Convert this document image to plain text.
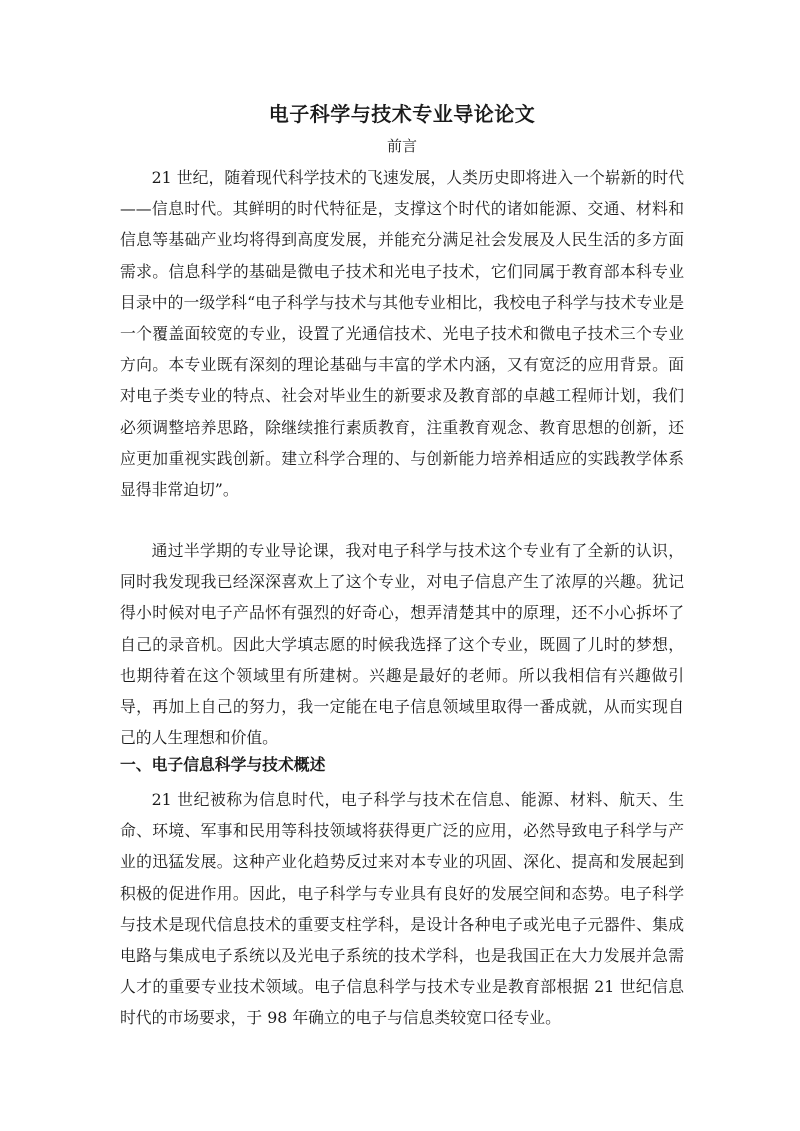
电子科学与技术专业导论论文
前言

21 世纪，随着现代科学技术的飞速发展，人类历史即将进入一个崭新的时代——信息时代。其鲜明的时代特征是，支撑这个时代的诸如能源、交通、材料和信息等基础产业均将得到高度发展，并能充分满足社会发展及人民生活的多方面需求。信息科学的基础是微电子技术和光电子技术，它们同属于教育部本科专业目录中的一级学科“电子科学与技术与其他专业相比，我校电子科学与技术专业是一个覆盖面较宽的专业，设置了光通信技术、光电子技术和微电子技术三个专业方向。本专业既有深刻的理论基础与丰富的学术内涵，又有宽泛的应用背景。面对电子类专业的特点、社会对毕业生的新要求及教育部的卓越工程师计划，我们必须调整培养思路，除继续推行素质教育，注重教育观念、教育思想的创新，还应更加重视实践创新。建立科学合理的、与创新能力培养相适应的实践教学体系显得非常迫切”。

通过半学期的专业导论课，我对电子科学与技术这个专业有了全新的认识，同时我发现我已经深深喜欢上了这个专业，对电子信息产生了浓厚的兴趣。犹记得小时候对电子产品怀有强烈的好奇心，想弄清楚其中的原理，还不小心拆坏了自己的录音机。因此大学填志愿的时候我选择了这个专业，既圆了儿时的梦想，也期待着在这个领域里有所建树。兴趣是最好的老师。所以我相信有兴趣做引导，再加上自己的努力，我一定能在电子信息领域里取得一番成就，从而实现自己的人生理想和价值。

一、电子信息科学与技术概述

21 世纪被称为信息时代，电子科学与技术在信息、能源、材料、航天、生命、环境、军事和民用等科技领域将获得更广泛的应用，必然导致电子科学与产业的迅猛发展。这种产业化趋势反过来对本专业的巩固、深化、提高和发展起到积极的促进作用。因此，电子科学与专业具有良好的发展空间和态势。电子科学与技术是现代信息技术的重要支柱学科，是设计各种电子或光电子元器件、集成电路与集成电子系统以及光电子系统的技术学科，也是我国正在大力发展并急需人才的重要专业技术领域。电子信息科学与技术专业是教育部根据 21 世纪信息时代的市场要求，于 98 年确立的电子与信息类较宽口径专业。
